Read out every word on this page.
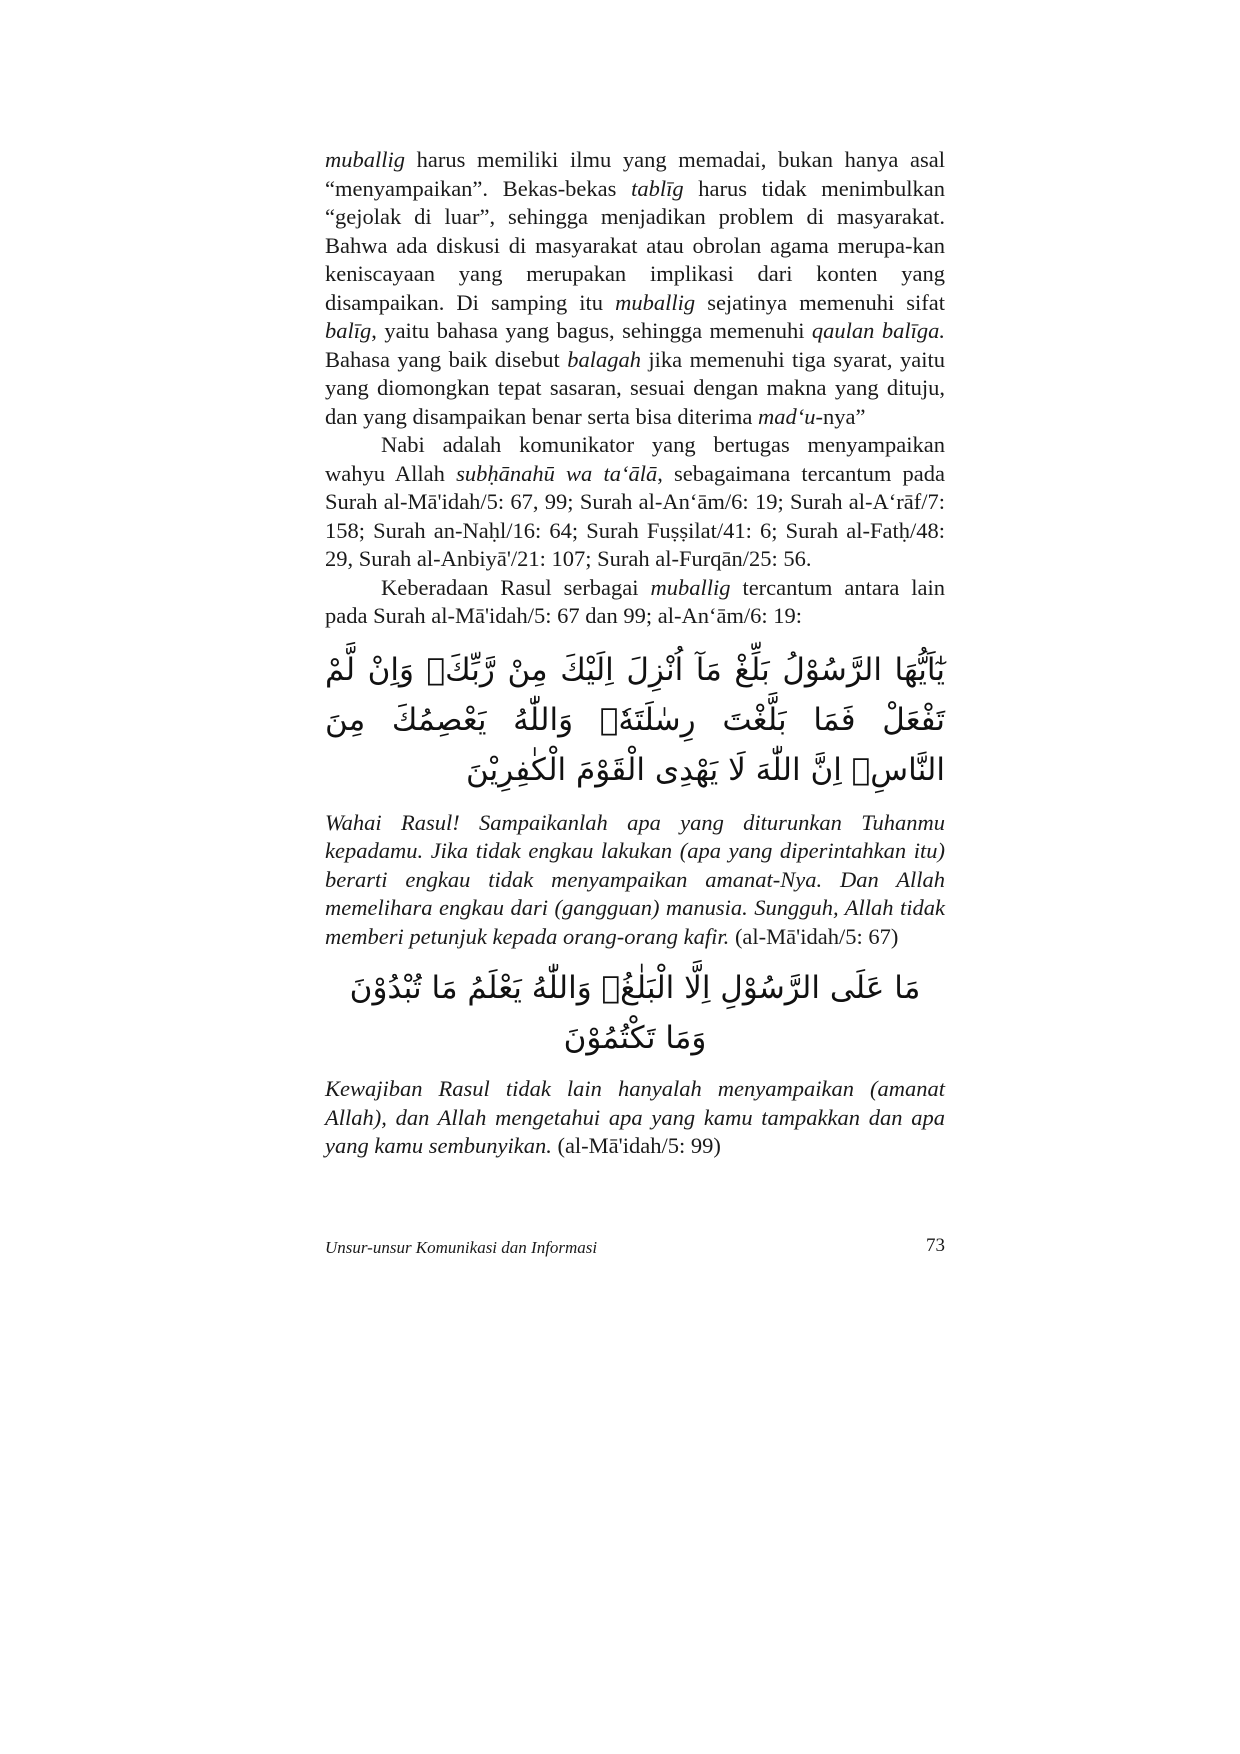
muballig harus memiliki ilmu yang memadai, bukan hanya asal “menyampaikan”. Bekas-bekas tablīg harus tidak menimbulkan “gejolak di luar”, sehingga menjadikan problem di masyarakat. Bahwa ada diskusi di masyarakat atau obrolan agama merupa-kan keniscayaan yang merupakan implikasi dari konten yang disampaikan. Di samping itu muballig sejatinya memenuhi sifat balīg, yaitu bahasa yang bagus, sehingga memenuhi qaulan balīga. Bahasa yang baik disebut balagah jika memenuhi tiga syarat, yaitu yang diomongkan tepat sasaran, sesuai dengan makna yang dituju, dan yang disampaikan benar serta bisa diterima mad‘u-nya”

Nabi adalah komunikator yang bertugas menyampaikan wahyu Allah subḥānahū wa ta‘ālā, sebagaimana tercantum pada Surah al-Mā'idah/5: 67, 99; Surah al-An‘ām/6: 19; Surah al-A‘rāf/7: 158; Surah an-Naḥl/16: 64; Surah Fuṣṣilat/41: 6; Surah al-Fatḥ/48: 29, Surah al-Anbiyā'/21: 107; Surah al-Furqān/25: 56.

Keberadaan Rasul serbagai muballig tercantum antara lain pada Surah al-Mā'idah/5: 67 dan 99; al-An‘ām/6: 19:

يٰٓاَيُّهَا الرَّسُوْلُ بَلِّغْ مَآ اُنْزِلَ اِلَيْكَ مِنْ رَّبِّكَۗ وَاِنْ لَّمْ تَفْعَلْ فَمَا بَلَّغْتَ رِسٰلَتَهٗۗ وَاللّٰهُ يَعْصِمُكَ مِنَ النَّاسِۗ اِنَّ اللّٰهَ لَا يَهْدِى الْقَوْمَ الْكٰفِرِيْنَ

Wahai Rasul! Sampaikanlah apa yang diturunkan Tuhanmu kepadamu. Jika tidak engkau lakukan (apa yang diperintahkan itu) berarti engkau tidak menyampaikan amanat-Nya. Dan Allah memelihara engkau dari (gangguan) manusia. Sungguh, Allah tidak memberi petunjuk kepada orang-orang kafir. (al-Mā'idah/5: 67)

مَا عَلَى الرَّسُوْلِ اِلَّا الْبَلٰغُۗ وَاللّٰهُ يَعْلَمُ مَا تُبْدُوْنَ وَمَا تَكْتُمُوْنَ

Kewajiban Rasul tidak lain hanyalah menyampaikan (amanat Allah), dan Allah mengetahui apa yang kamu tampakkan dan apa yang kamu sembunyikan. (al-Mā'idah/5: 99)

Unsur-unsur Komunikasi dan Informasi	73
